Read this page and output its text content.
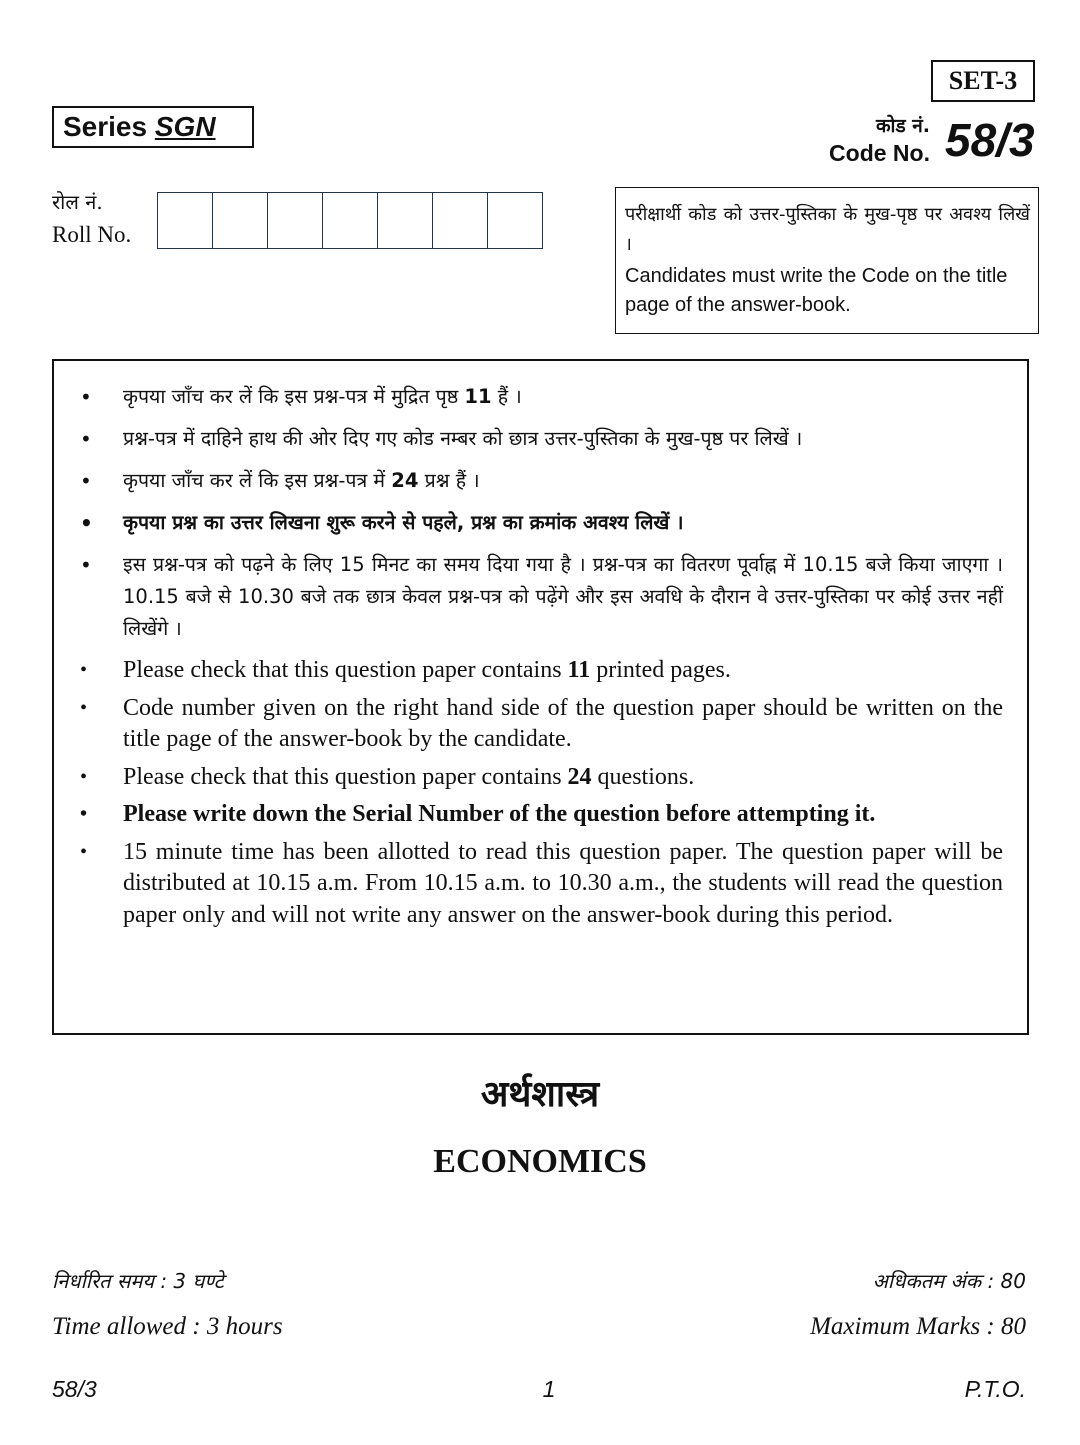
SET-3
Series SGN	कोड नं.
Code No. 58/3
रोल नं.
Roll No.
परीक्षार्थी कोड को उत्तर-पुस्तिका के मुख-पृष्ठ पर अवश्य लिखें ।
Candidates must write the Code on the title page of the answer-book.
• कृपया जाँच कर लें कि इस प्रश्न-पत्र में मुद्रित पृष्ठ 11 हैं ।
• प्रश्न-पत्र में दाहिने हाथ की ओर दिए गए कोड नम्बर को छात्र उत्तर-पुस्तिका के मुख-पृष्ठ पर लिखें ।
• कृपया जाँच कर लें कि इस प्रश्न-पत्र में 24 प्रश्न हैं ।
• कृपया प्रश्न का उत्तर लिखना शुरू करने से पहले, प्रश्न का क्रमांक अवश्य लिखें ।
• इस प्रश्न-पत्र को पढ़ने के लिए 15 मिनट का समय दिया गया है । प्रश्न-पत्र का वितरण पूर्वाह्न में 10.15 बजे किया जाएगा । 10.15 बजे से 10.30 बजे तक छात्र केवल प्रश्न-पत्र को पढ़ेंगे और इस अवधि के दौरान वे उत्तर-पुस्तिका पर कोई उत्तर नहीं लिखेंगे ।
• Please check that this question paper contains 11 printed pages.
• Code number given on the right hand side of the question paper should be written on the title page of the answer-book by the candidate.
• Please check that this question paper contains 24 questions.
• Please write down the Serial Number of the question before attempting it.
• 15 minute time has been allotted to read this question paper. The question paper will be distributed at 10.15 a.m. From 10.15 a.m. to 10.30 a.m., the students will read the question paper only and will not write any answer on the answer-book during this period.
अर्थशास्त्र
ECONOMICS
निर्धारित समय : 3 घण्टे
Time allowed : 3 hours
अधिकतम अंक : 80
Maximum Marks : 80
58/3	1	P.T.O.
